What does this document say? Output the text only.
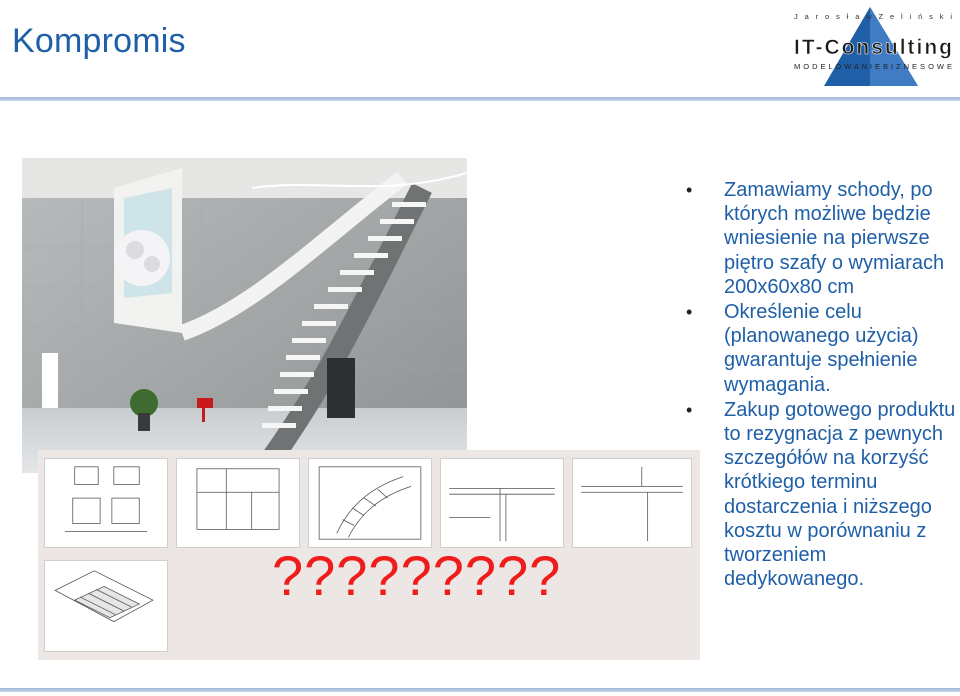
Kompromis
J a r o s ł a w Z e l i ń s k i
IT-Consulting
M O D E L O W A N I E B I Z N E S O W E
?????????
• Zamawiamy schody, po których możliwe będzie wniesienie na pierwsze piętro szafy o wymiarach 200x60x80 cm
• Określenie celu (planowanego użycia) gwarantuje spełnienie wymagania.
• Zakup gotowego produktu to rezygnacja z pewnych szczegółów na korzyść krótkiego terminu dostarczenia i niższego kosztu w porównaniu z tworzeniem dedykowanego.
